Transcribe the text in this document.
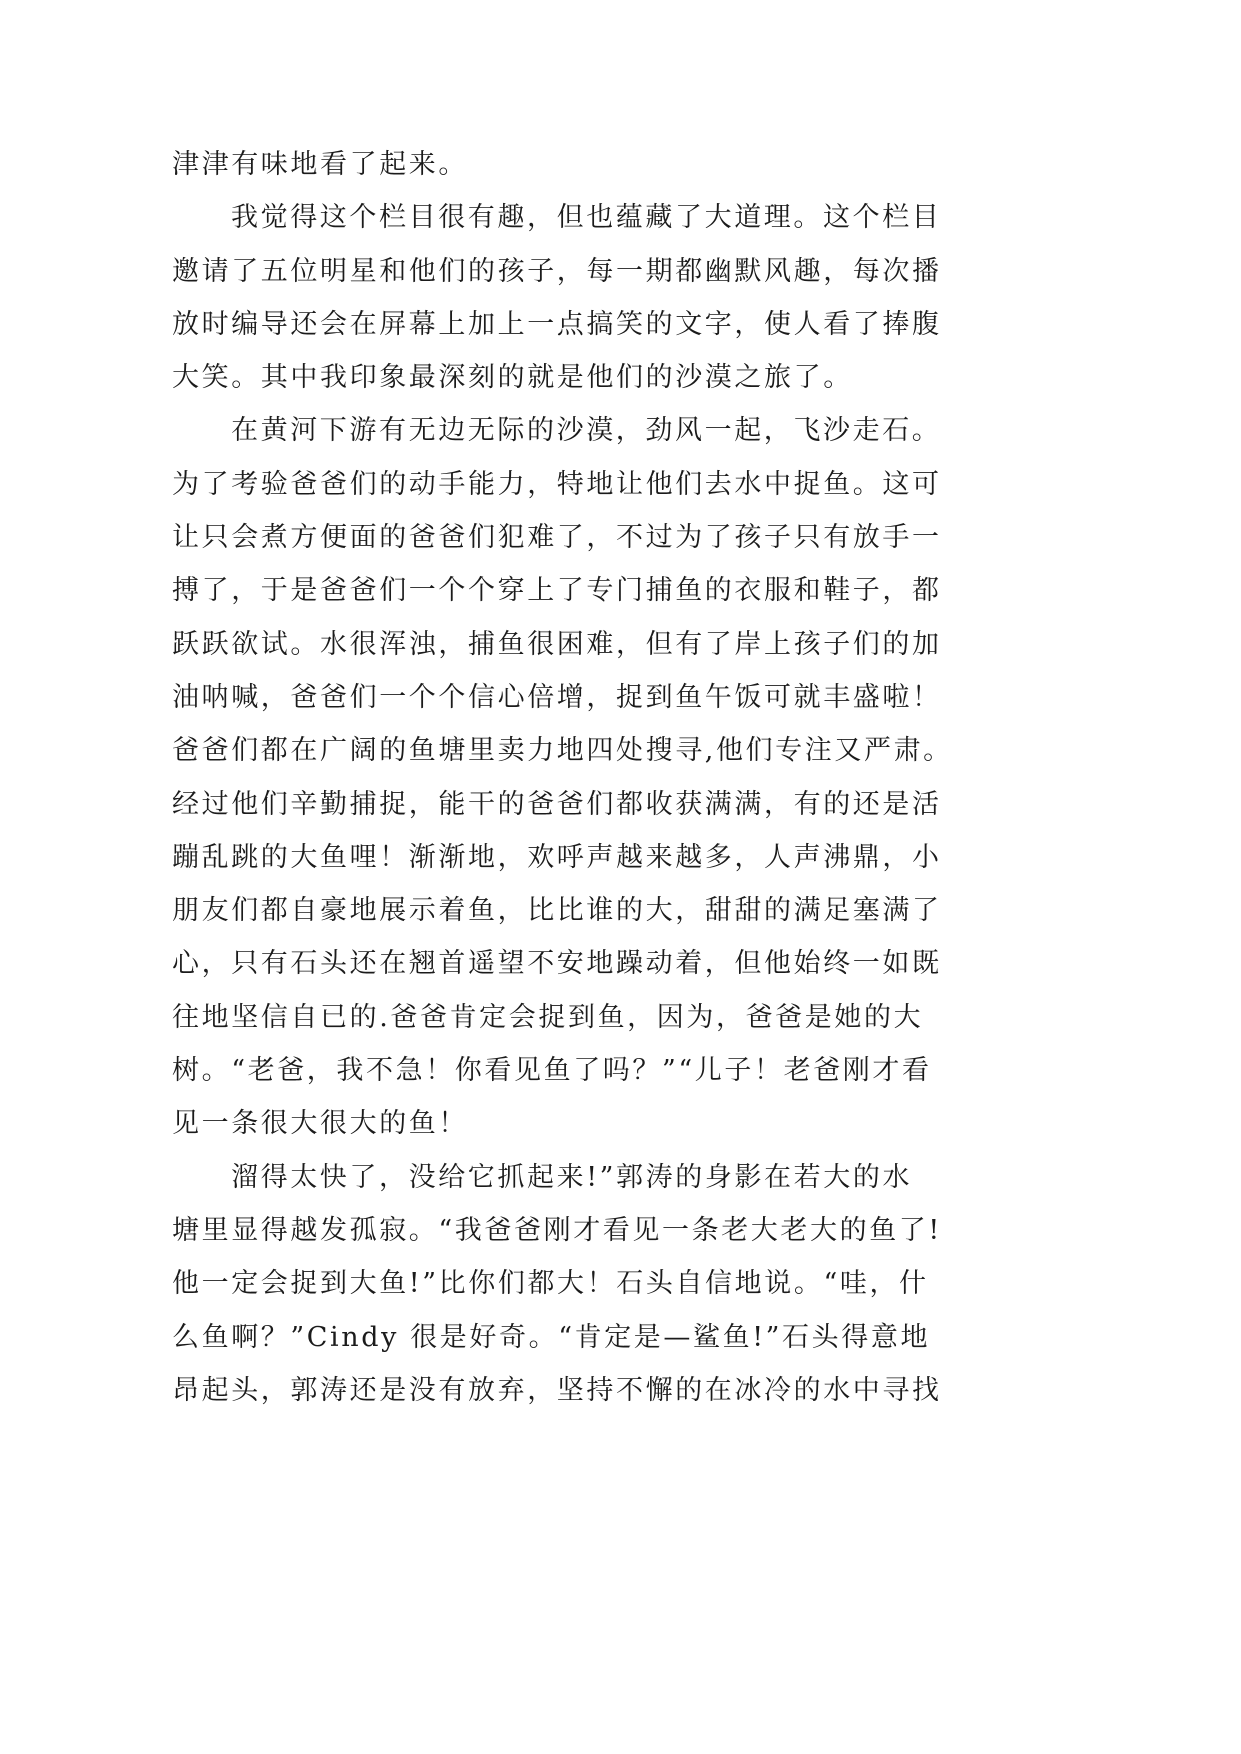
津津有味地看了起来。
我觉得这个栏目很有趣，但也蕴藏了大道理。这个栏目
邀请了五位明星和他们的孩子，每一期都幽默风趣，每次播
放时编导还会在屏幕上加上一点搞笑的文字，使人看了捧腹
大笑。其中我印象最深刻的就是他们的沙漠之旅了。
在黄河下游有无边无际的沙漠，劲风一起，飞沙走石。
为了考验爸爸们的动手能力，特地让他们去水中捉鱼。这可
让只会煮方便面的爸爸们犯难了，不过为了孩子只有放手一
搏了，于是爸爸们一个个穿上了专门捕鱼的衣服和鞋子，都
跃跃欲试。水很浑浊，捕鱼很困难，但有了岸上孩子们的加
油呐喊，爸爸们一个个信心倍增，捉到鱼午饭可就丰盛啦！
爸爸们都在广阔的鱼塘里卖力地四处搜寻,他们专注又严肃。
经过他们辛勤捕捉，能干的爸爸们都收获满满，有的还是活
蹦乱跳的大鱼哩！渐渐地，欢呼声越来越多，人声沸鼎，小
朋友们都自豪地展示着鱼，比比谁的大，甜甜的满足塞满了
心，只有石头还在翘首遥望不安地躁动着，但他始终一如既
往地坚信自已的.爸爸肯定会捉到鱼，因为，爸爸是她的大
树。“老爸，我不急！你看见鱼了吗？”“儿子！老爸刚才看
见一条很大很大的鱼！
溜得太快了，没给它抓起来!”郭涛的身影在若大的水
塘里显得越发孤寂。“我爸爸刚才看见一条老大老大的鱼了!
他一定会捉到大鱼!”比你们都大！石头自信地说。“哇，什
么鱼啊？”Cindy 很是好奇。“肯定是—鲨鱼!”石头得意地
昂起头，郭涛还是没有放弃，坚持不懈的在冰冷的水中寻找
